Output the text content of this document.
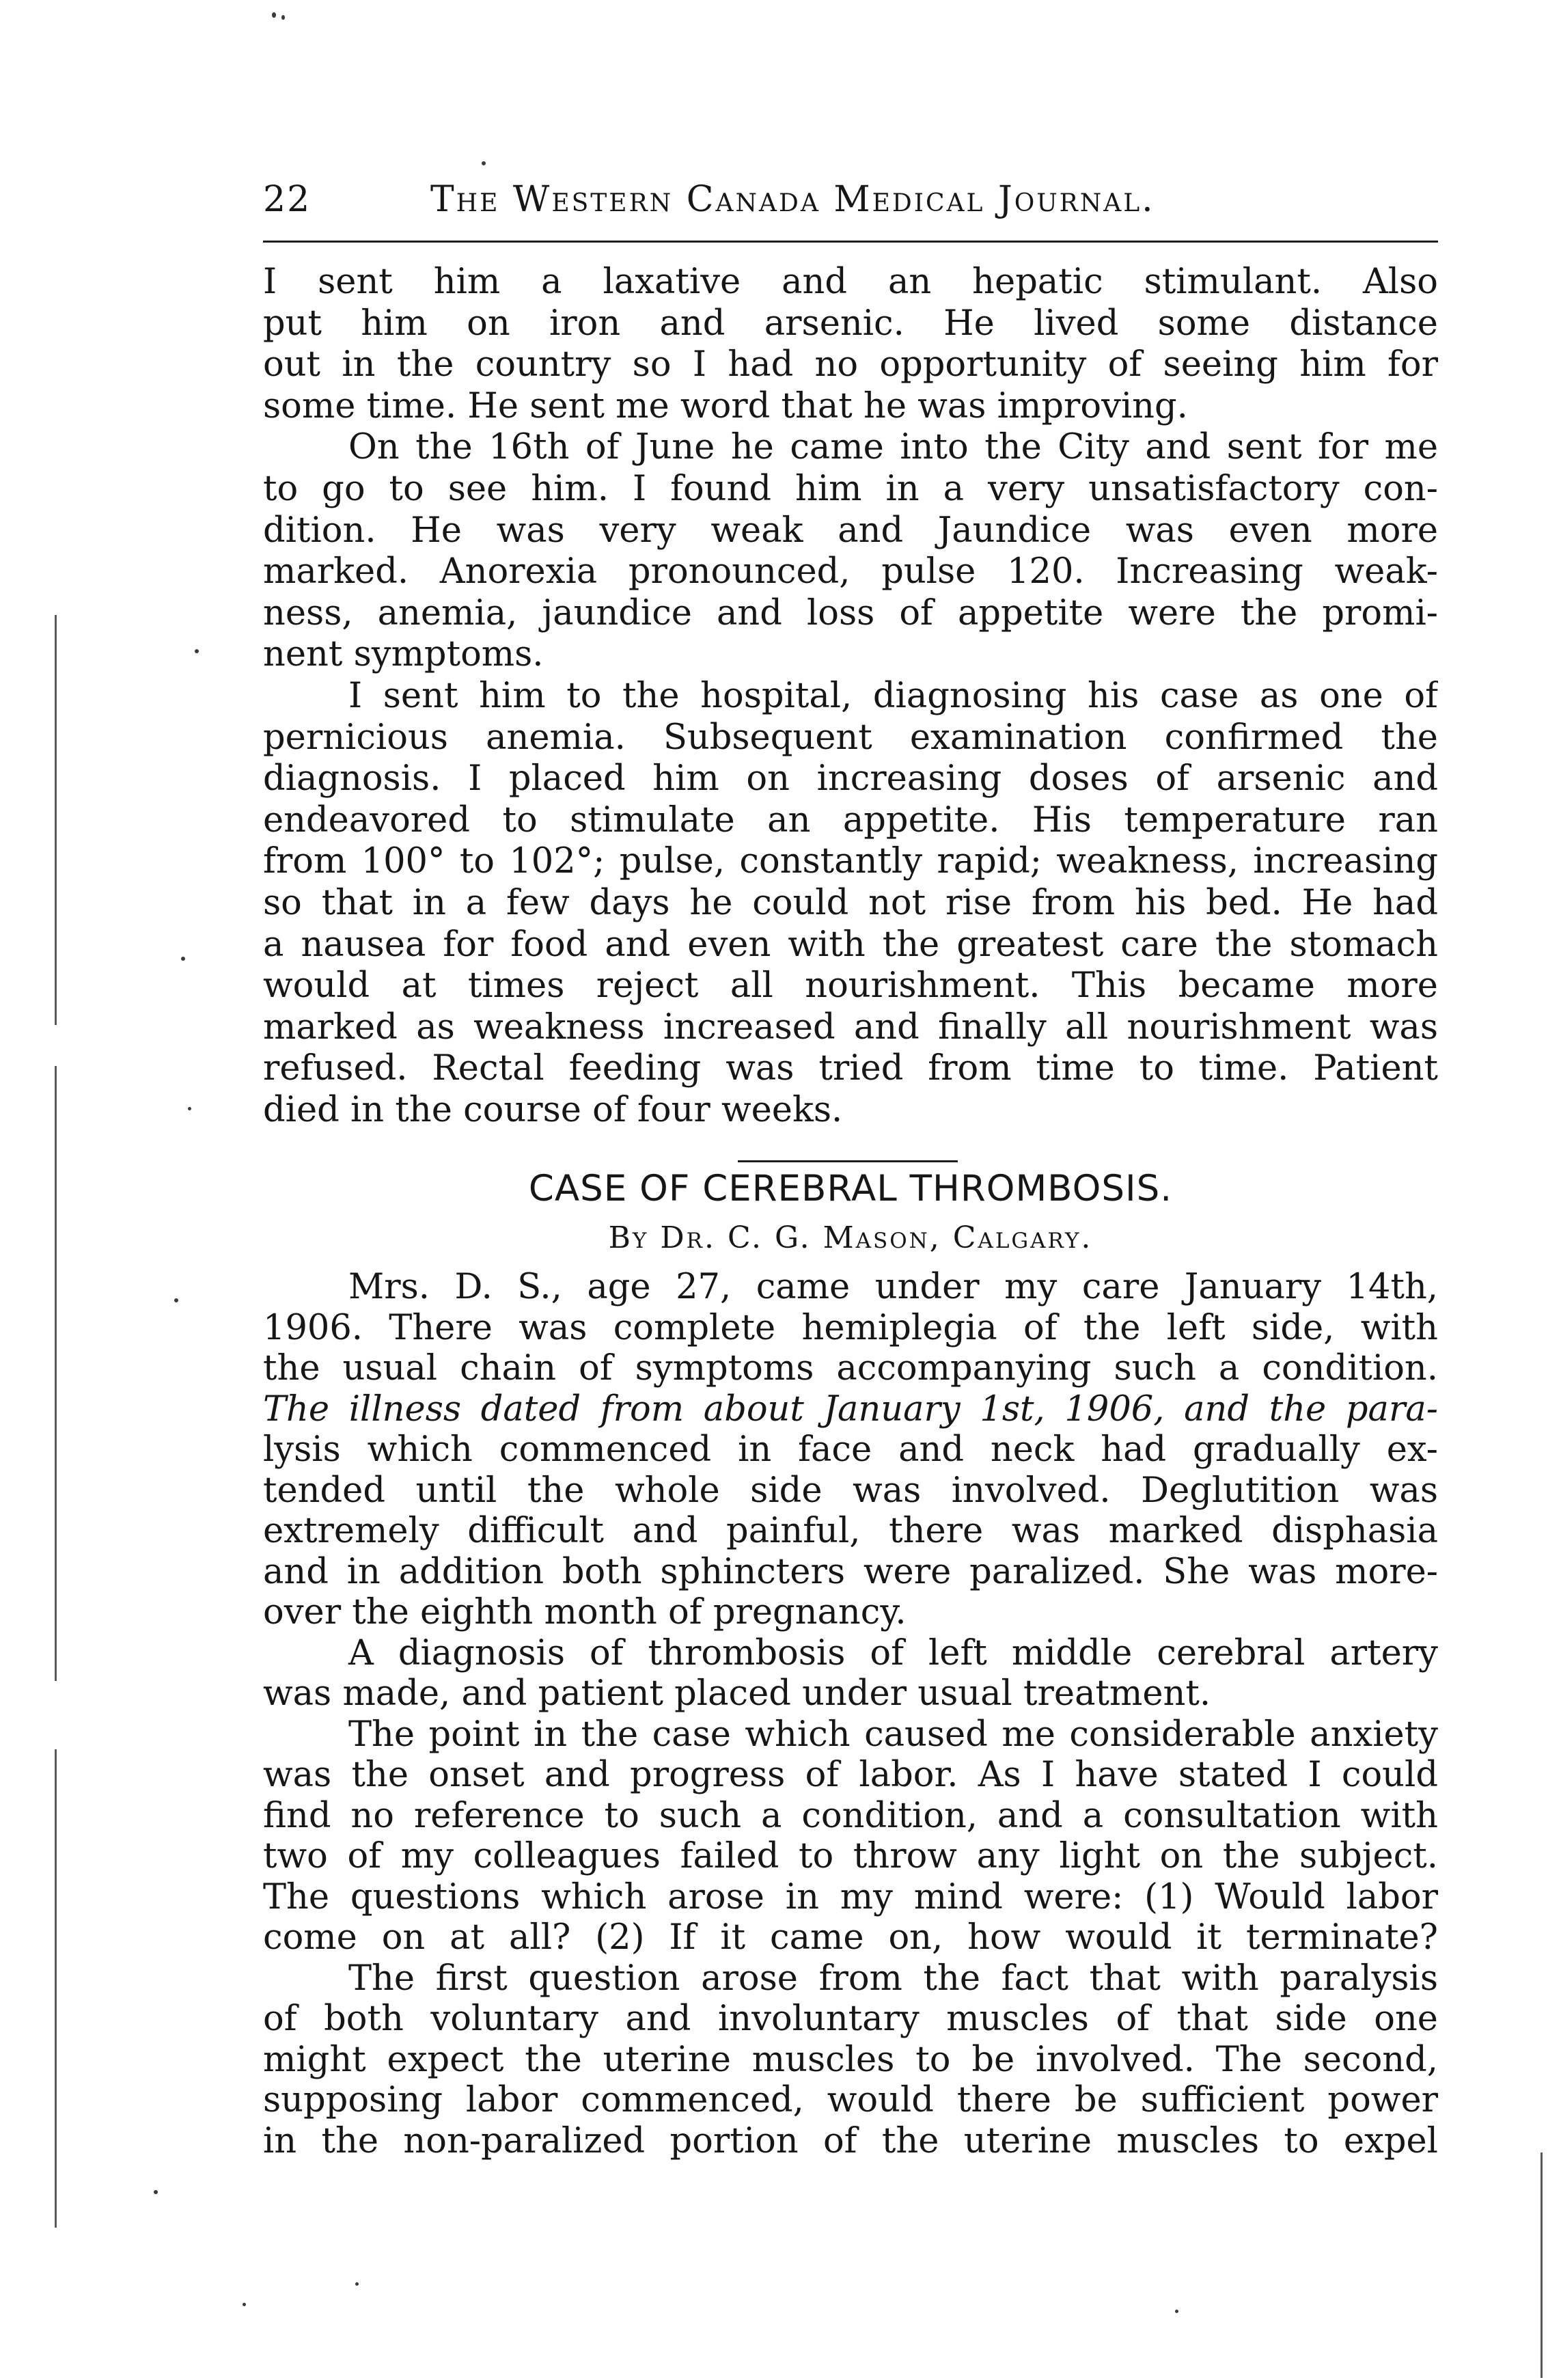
22	The Western Canada Medical Journal.
I sent him a laxative and an hepatic stimulant. Also
put him on iron and arsenic. He lived some distance
out in the country so I had no opportunity of seeing him for
some time. He sent me word that he was improving.
On the 16th of June he came into the City and sent for me
to go to see him. I found him in a very unsatisfactory con-
dition. He was very weak and Jaundice was even more
marked. Anorexia pronounced, pulse 120. Increasing weak-
ness, anemia, jaundice and loss of appetite were the promi-
nent symptoms.
I sent him to the hospital, diagnosing his case as one of
pernicious anemia. Subsequent examination confirmed the
diagnosis. I placed him on increasing doses of arsenic and
endeavored to stimulate an appetite. His temperature ran
from 100° to 102°; pulse, constantly rapid; weakness, increasing
so that in a few days he could not rise from his bed. He had
a nausea for food and even with the greatest care the stomach
would at times reject all nourishment. This became more
marked as weakness increased and finally all nourishment was
refused. Rectal feeding was tried from time to time. Patient
died in the course of four weeks.
CASE OF CEREBRAL THROMBOSIS.
By Dr. C. G. Mason, Calgary.
Mrs. D. S., age 27, came under my care January 14th,
1906. There was complete hemiplegia of the left side, with
the usual chain of symptoms accompanying such a condition.
The illness dated from about January 1st, 1906, and the para-
lysis which commenced in face and neck had gradually ex-
tended until the whole side was involved. Deglutition was
extremely difficult and painful, there was marked disphasia
and in addition both sphincters were paralized. She was more-
over the eighth month of pregnancy.
A diagnosis of thrombosis of left middle cerebral artery
was made, and patient placed under usual treatment.
The point in the case which caused me considerable anxiety
was the onset and progress of labor. As I have stated I could
find no reference to such a condition, and a consultation with
two of my colleagues failed to throw any light on the subject.
The questions which arose in my mind were: (1) Would labor
come on at all? (2) If it came on, how would it terminate?
The first question arose from the fact that with paralysis
of both voluntary and involuntary muscles of that side one
might expect the uterine muscles to be involved. The second,
supposing labor commenced, would there be sufficient power
in the non-paralized portion of the uterine muscles to expel
